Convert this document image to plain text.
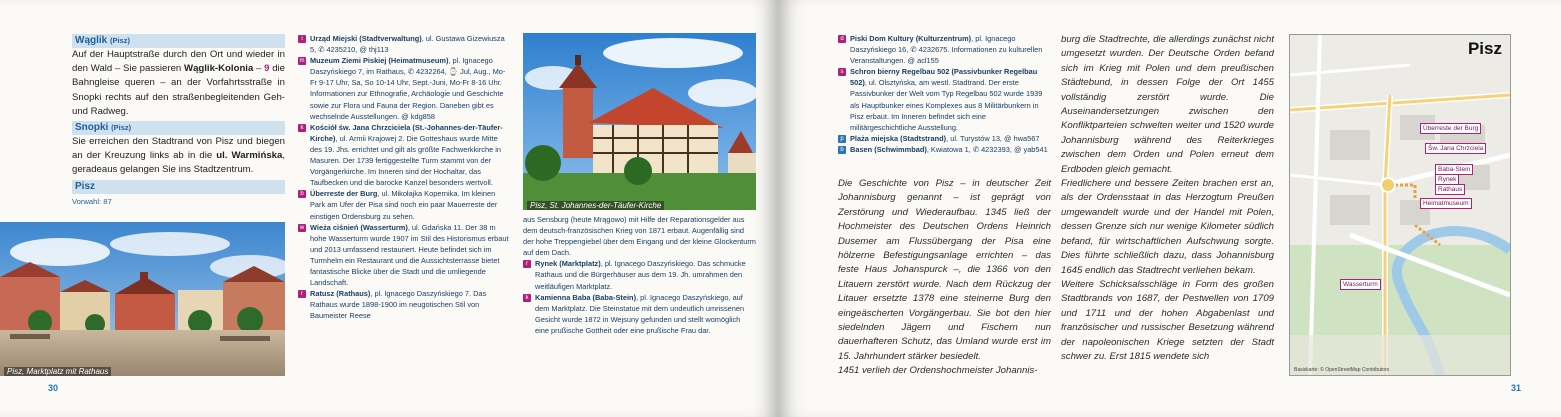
Wąglik (Pisz)

Auf der Hauptstraße durch den Ort und wieder in den Wald – Sie passieren Wąglik-Kolonia – 9 die Bahngleise queren – an der Vorfahrtsstraße in Snopki rechts auf den straßenbegleitenden Geh- und Radweg.

Snopki (Pisz)

Sie erreichen den Stadtrand von Pisz und biegen an der Kreuzung links ab in die ul. Warmińska, geradeaus gelangen Sie ins Stadtzentrum.

Pisz
Vorwahl: 87
Pisz, Marktplatz mit Rathaus
i Urząd Miejski (Stadtverwaltung), ul. Gustawa Gizewiusza 5, ✆ 4235210, @ thj113
m Muzeum Ziemi Piskiej (Heimatmuseum), pl. Ignacego Daszyńskiego 7, im Rathaus, ✆ 4232264, ⌚ Jul, Aug., Mo-Fr 9-17 Uhr, Sa, So 10-14 Uhr, Sept.-Juni, Mo-Fr 8-16 Uhr. Informationen zur Ethnografie, Archäologie und Geschichte sowie zur Flora und Fauna der Region. Daneben gibt es wechselnde Ausstellungen. @ kdg858
k Kościół św. Jana Chrzciciela (St.-Johannes-der-Täufer-Kirche), ul. Armii Krajowej 2. Die Gotteshaus wurde Mitte des 19. Jhs. errichtet und gilt als größte Fachwerkkirche in Masuren. Der 1739 fertiggestellte Turm stammt von der Vorgängerkirche. Im Inneren sind der Hochaltar, das Taufbecken und die barocke Kanzel besonders wertvoll.
b Überreste der Burg, ul. Mikołajka Kopernika. Im kleinen Park am Ufer der Pisa sind noch ein paar Mauerreste der einstigen Ordensburg zu sehen.
w Wieża ciśnień (Wasserturm), ul. Gdańska 11. Der 38 m hohe Wasserturm wurde 1907 im Stil des Historismus erbaut und 2013 umfassend restauriert. Heute befindet sich im Turmhelm ein Restaurant und die Aussichtsterrasse bietet fantastische Blicke über die Stadt und die umliegende Landschaft.
r Ratusz (Rathaus), pl. Ignacego Daszyńskiego 7. Das Rathaus wurde 1898-1900 im neugotischen Stil von Baumeister Reese
Pisz, St. Johannes-der-Täufer-Kirche
aus Sensburg (heute Mrągowo) mit Hilfe der Reparationsgelder aus dem deutsch-französischen Krieg von 1871 erbaut. Augenfällig sind der hohe Treppengiebel über dem Eingang und der kleine Glockenturm auf dem Dach.
r Rynek (Marktplatz), pl. Ignacego Daszyńskiego. Das schmucke Rathaus und die Bürgerhäuser aus dem 19. Jh. umrahmen den weitläufigen Marktplatz.
k Kamienna Baba (Baba-Stein), pl. Ignacego Daszyńskiego, auf dem Marktplatz. Die Steinstatue mit dem undeutlich umrissenen Gesicht wurde 1872 in Wejsuny gefunden und stellt womöglich eine prußische Gottheit oder eine prußische Frau dar.
30
d Piski Dom Kultury (Kulturzentrum), pl. Ignacego Daszyńskiego 16, ✆ 4232675. Informationen zu kulturellen Veranstaltungen. @ acl155
s Schron bierny Regelbau 502 (Passivbunker Regelbau 502), ul. Olsztyńska, am westl. Stadtrand. Der erste Passivbunker der Welt vom Typ Regelbau 502 wurde 1939 als Hauptbunker eines Komplexes aus 8 Militärbunkern in Pisz erbaut. Im Inneren befindet sich eine militärgeschichtliche Ausstellung.
p Plaża miejska (Stadtstrand), ul. Turystów 13, @ hwa567
b Basen (Schwimmbad), Kwiatowa 1, ✆ 4232393, @ yab541

Die Geschichte von Pisz – in deutscher Zeit Johannisburg genannt – ist geprägt von Zerstörung und Wiederaufbau. 1345 ließ der Hochmeister des Deutschen Ordens Heinrich Dusemer am Flussübergang der Pisa eine hölzerne Befestigungsanlage errichten – das feste Haus Johanspurck –, die 1366 von den Litauern zerstört wurde. Nach dem Rückzug der Litauer ersetzte 1378 eine steinerne Burg den eingeäscherten Vorgängerbau. Sie bot den hier siedelnden Jägern und Fischern nun dauerhafteren Schutz, das Umland wurde erst im 15. Jahrhundert stärker besiedelt.

1451 verlieh der Ordenshochmeister Johannis-

burg die Stadtrechte, die allerdings zunächst nicht umgesetzt wurden. Der Deutsche Orden befand sich im Krieg mit Polen und dem preußischen Städtebund, in dessen Folge der Ort 1455 vollständig zerstört wurde. Die Auseinandersetzungen zwischen den Konfliktparteien schwelten weiter und 1520 wurde Johannisburg während des Reiterkrieges zwischen dem Orden und Polen erneut dem Erdboden gleich gemacht.

Friedlichere und bessere Zeiten brachen erst an, als der Ordensstaat in das Herzogtum Preußen umgewandelt wurde und der Handel mit Polen, dessen Grenze sich nur wenige Kilometer südlich befand, für wirtschaftlichen Aufschwung sorgte. Dies führte schließlich dazu, dass Johannisburg 1645 endlich das Stadtrecht verliehen bekam.

Weitere Schicksalsschläge in Form des großen Stadtbrands von 1687, der Pestwellen von 1709 und 1711 und der hohen Abgabenlast und französischer und russischer Besetzung während der napoleonischen Kriege setzten der Stadt schwer zu. Erst 1815 wendete sich

31
Pisz
Überreste der Burg
Św. Jana Chrzciela
Baba-Stein
Rynek
Rathaus
Heimatmuseum
Wasserturm
Basiskarte: © OpenStreetMap Contributors
